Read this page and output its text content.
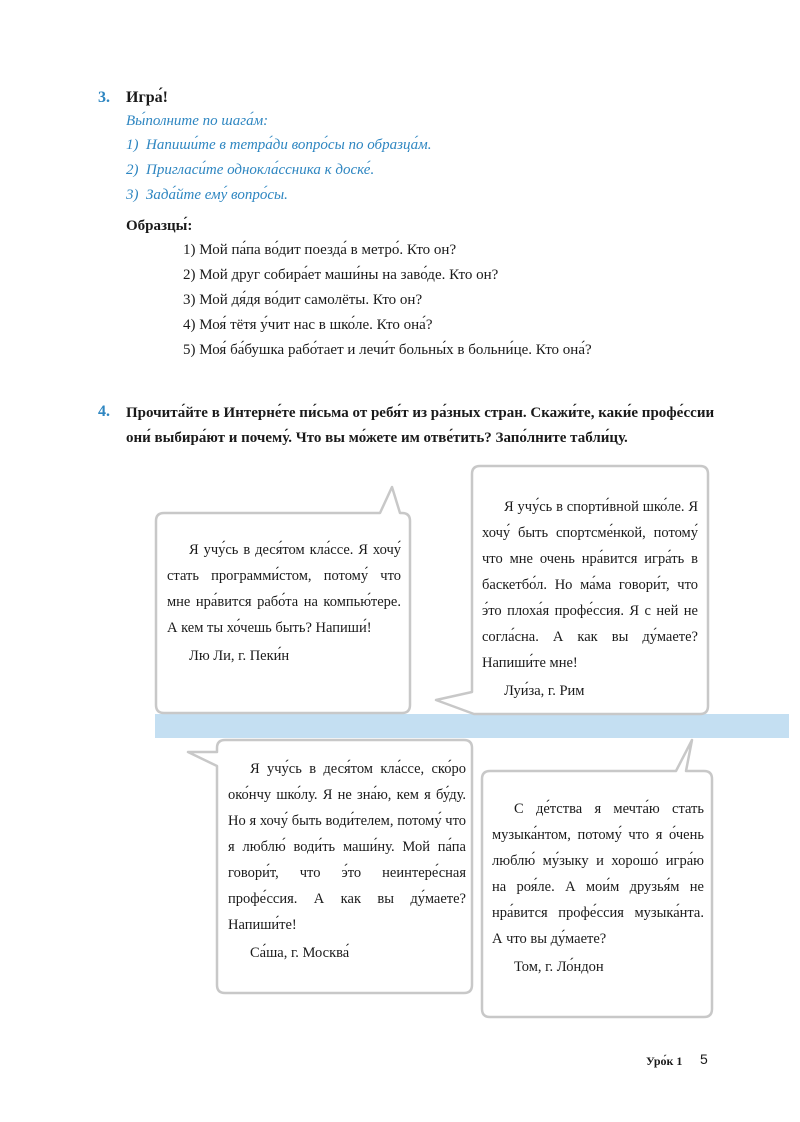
3. Игра́!
Вы́полните по шага́м:
1) Напиши́те в тетра́ди вопро́сы по образца́м.
2) Пригласи́те однокла́ссника к доске́.
3) Зада́йте ему́ вопро́сы.
Образцы́:
1) Мой па́па во́дит поезда́ в метро́. Кто он?
2) Мой друг собира́ет маши́ны на заво́де. Кто он?
3) Мой дя́дя во́дит самолёты. Кто он?
4) Моя́ тётя у́чит нас в шко́ле. Кто она́?
5) Моя́ ба́бушка рабо́тает и лечи́т больны́х в больни́це. Кто она́?
4. Прочита́йте в Интерне́те пи́сьма от ребя́т из ра́зных стран. Скажи́те, каки́е профе́ссии
они́ выбира́ют и почему́. Что вы мо́жете им отве́тить? Запо́лните табли́цу.

Я учу́сь в деся́том кла́ссе. Я хочу́ стать программи́стом, потому́ что мне нра́вится рабо́та на компью́тере. А кем ты хо́чешь быть? Напиши́!

Лю Ли, г. Пеки́н

Я учу́сь в спорти́вной шко́ле. Я хочу́ быть спортсме́нкой, потому́ что мне очень нра́вится игра́ть в баскетбо́л. Но ма́ма говори́т, что э́то плоха́я профе́ссия. Я с ней не согла́сна. А как вы ду́маете? Напиши́те мне!

Луи́за, г. Рим

Я учу́сь в деся́том кла́ссе, ско́ро око́нчу шко́лу. Я не зна́ю, кем я бу́ду. Но я хочу́ быть води́телем, потому́ что я люблю́ води́ть маши́ну. Мой па́па говори́т, что э́то неинтере́сная профе́ссия. А как вы ду́маете? Напиши́те!

Са́ша, г. Москва́

С де́тства я мечта́ю стать музыка́нтом, потому́ что я о́чень люблю́ му́зыку и хорошо́ игра́ю на роя́ле. А мои́м друзья́м не нра́вится профе́ссия музыка́нта. А что вы ду́маете?

Том, г. Ло́ндон

Уро́к 1 5
